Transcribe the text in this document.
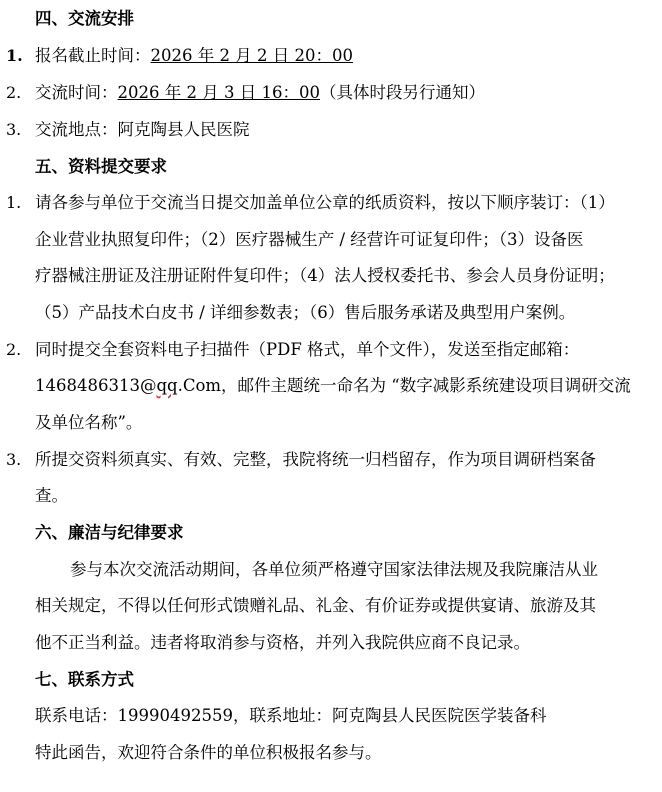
四、交流安排
1. 报名截止时间：2026 年 2 月 2 日 20：00
2. 交流时间：2026 年 2 月 3 日 16：00（具体时段另行通知）
3. 交流地点：阿克陶县人民医院
五、资料提交要求
1. 请各参与单位于交流当日提交加盖单位公章的纸质资料，按以下顺序装订：（1）
企业营业执照复印件；（2）医疗器械生产 / 经营许可证复印件；（3）设备医
疗器械注册证及注册证附件复印件；（4）法人授权委托书、参会人员身份证明；
（5）产品技术白皮书 / 详细参数表；（6）售后服务承诺及典型用户案例。
2. 同时提交全套资料电子扫描件（PDF 格式，单个文件），发送至指定邮箱：
1468486313@qq.Com，邮件主题统一命名为 “数字减影系统建设项目调研交流
及单位名称”。
3. 所提交资料须真实、有效、完整，我院将统一归档留存，作为项目调研档案备
查。
六、廉洁与纪律要求
参与本次交流活动期间，各单位须严格遵守国家法律法规及我院廉洁从业
相关规定，不得以任何形式馈赠礼品、礼金、有价证券或提供宴请、旅游及其
他不正当利益。违者将取消参与资格，并列入我院供应商不良记录。
七、联系方式
联系电话：19990492559，联系地址：阿克陶县人民医院医学装备科
特此函告，欢迎符合条件的单位积极报名参与。
